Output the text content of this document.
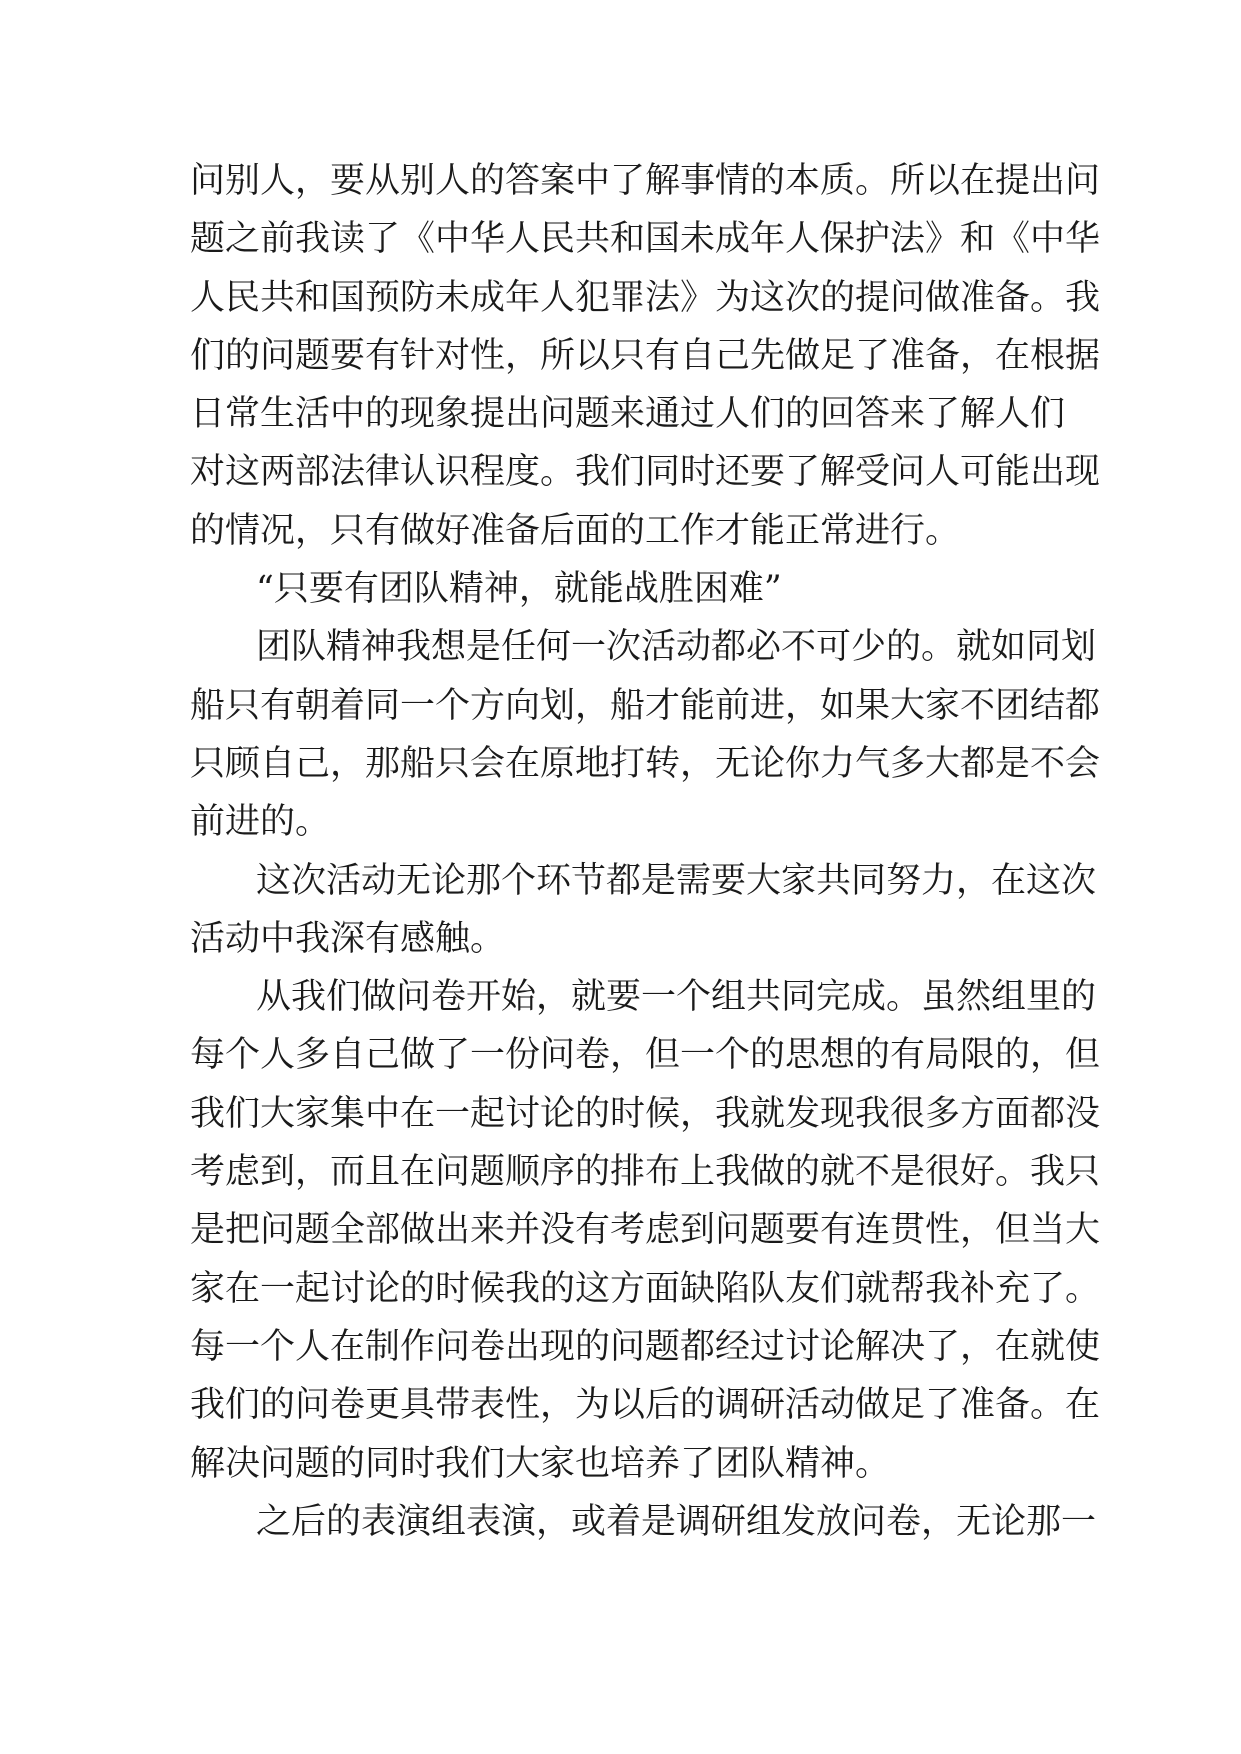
问别人，要从别人的答案中了解事情的本质。所以在提出问
题之前我读了《中华人民共和国未成年人保护法》和《中华
人民共和国预防未成年人犯罪法》为这次的提问做准备。我
们的问题要有针对性，所以只有自己先做足了准备，在根据
日常生活中的现象提出问题来通过人们的回答来了解人们
对这两部法律认识程度。我们同时还要了解受问人可能出现
的情况，只有做好准备后面的工作才能正常进行。
“只要有团队精神，就能战胜困难”
团队精神我想是任何一次活动都必不可少的。就如同划
船只有朝着同一个方向划，船才能前进，如果大家不团结都
只顾自己，那船只会在原地打转，无论你力气多大都是不会
前进的。
这次活动无论那个环节都是需要大家共同努力，在这次
活动中我深有感触。
从我们做问卷开始，就要一个组共同完成。虽然组里的
每个人多自己做了一份问卷，但一个的思想的有局限的，但
我们大家集中在一起讨论的时候，我就发现我很多方面都没
考虑到，而且在问题顺序的排布上我做的就不是很好。我只
是把问题全部做出来并没有考虑到问题要有连贯性，但当大
家在一起讨论的时候我的这方面缺陷队友们就帮我补充了。
每一个人在制作问卷出现的问题都经过讨论解决了，在就使
我们的问卷更具带表性，为以后的调研活动做足了准备。在
解决问题的同时我们大家也培养了团队精神。
之后的表演组表演，或着是调研组发放问卷，无论那一
